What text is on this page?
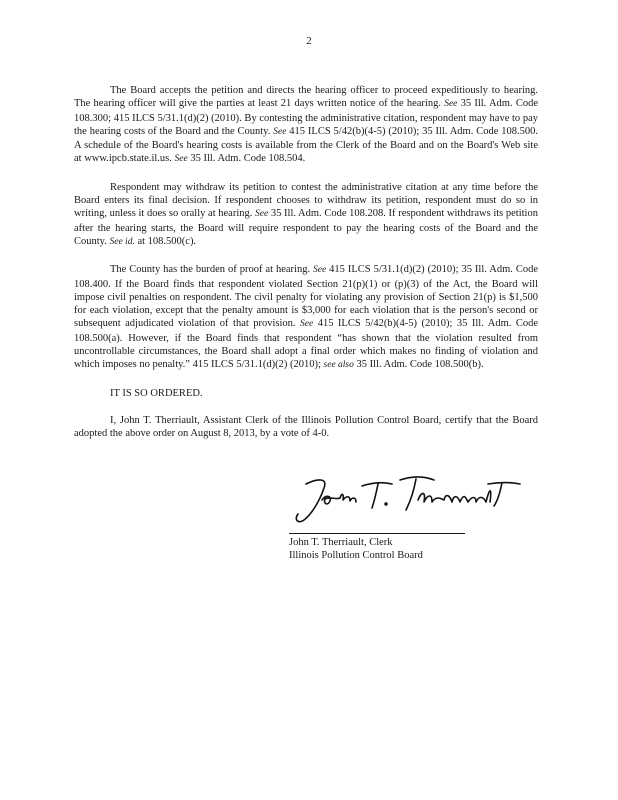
2

The Board accepts the petition and directs the hearing officer to proceed expeditiously to hearing. The hearing officer will give the parties at least 21 days written notice of the hearing. See 35 Ill. Adm. Code 108.300; 415 ILCS 5/31.1(d)(2) (2010). By contesting the administrative citation, respondent may have to pay the hearing costs of the Board and the County. See 415 ILCS 5/42(b)(4-5) (2010); 35 Ill. Adm. Code 108.500. A schedule of the Board's hearing costs is available from the Clerk of the Board and on the Board's Web site at www.ipcb.state.il.us. See 35 Ill. Adm. Code 108.504.

Respondent may withdraw its petition to contest the administrative citation at any time before the Board enters its final decision. If respondent chooses to withdraw its petition, respondent must do so in writing, unless it does so orally at hearing. See 35 Ill. Adm. Code 108.208. If respondent withdraws its petition after the hearing starts, the Board will require respondent to pay the hearing costs of the Board and the County. See id. at 108.500(c).

The County has the burden of proof at hearing. See 415 ILCS 5/31.1(d)(2) (2010); 35 Ill. Adm. Code 108.400. If the Board finds that respondent violated Section 21(p)(1) or (p)(3) of the Act, the Board will impose civil penalties on respondent. The civil penalty for violating any provision of Section 21(p) is $1,500 for each violation, except that the penalty amount is $3,000 for each violation that is the person's second or subsequent adjudicated violation of that provision. See 415 ILCS 5/42(b)(4-5) (2010); 35 Ill. Adm. Code 108.500(a). However, if the Board finds that respondent “has shown that the violation resulted from uncontrollable circumstances, the Board shall adopt a final order which makes no finding of violation and which imposes no penalty.” 415 ILCS 5/31.1(d)(2) (2010); see also 35 Ill. Adm. Code 108.500(b).

IT IS SO ORDERED.

I, John T. Therriault, Assistant Clerk of the Illinois Pollution Control Board, certify that the Board adopted the above order on August 8, 2013, by a vote of 4-0.

John T. Therriault, Clerk
Illinois Pollution Control Board
